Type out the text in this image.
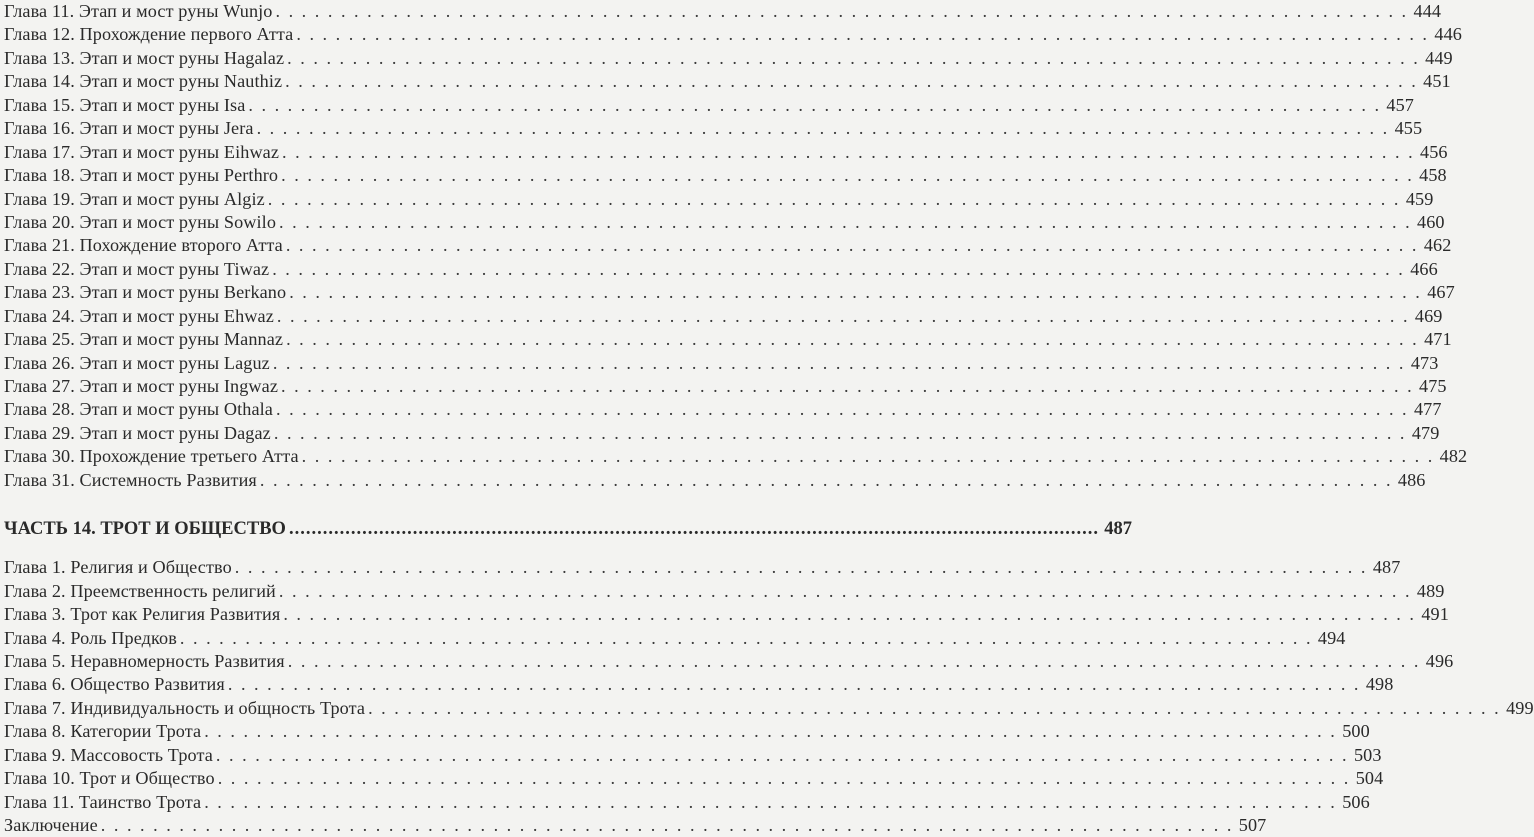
Глава 11. Этап и мост руны Wunjo . . .	444
Глава 12. Прохождение первого Атта . . .	446
Глава 13. Этап и мост руны Hagalaz . . .	449
Глава 14. Этап и мост руны Nauthiz . . .	451
Глава 15. Этап и мост руны Isa . . .	457
Глава 16. Этап и мост руны Jera . . .	455
Глава 17. Этап и мост руны Eihwaz . . .	456
Глава 18. Этап и мост руны Perthro . . .	458
Глава 19. Этап и мост руны Algiz . . .	459
Глава 20. Этап и мост руны Sowilo . . .	460
Глава 21. Похождение второго Атта . . .	462
Глава 22. Этап и мост руны Tiwaz . . .	466
Глава 23. Этап и мост руны Berkano . . .	467
Глава 24. Этап и мост руны Ehwaz . . .	469
Глава 25. Этап и мост руны Mannaz . . .	471
Глава 26. Этап и мост руны Laguz . . .	473
Глава 27. Этап и мост руны Ingwaz . . .	475
Глава 28. Этап и мост руны Othala . . .	477
Глава 29. Этап и мост руны Dagaz . . .	479
Глава 30. Прохождение третьего Атта . . .	482
Глава 31. Системность Развития . . .	486
ЧАСТЬ 14. ТРОТ И ОБЩЕСТВО .....	487
Глава 1. Религия и Общество . . .	487
Глава 2. Преемственность религий . . .	489
Глава 3. Трот как Религия Развития . . .	491
Глава 4. Роль Предков . . .	494
Глава 5. Неравномерность Развития . . .	496
Глава 6. Общество Развития . . .	498
Глава 7. Индивидуальность и общность Трота . . .	499
Глава 8. Категории Трота . . .	500
Глава 9. Массовость Трота . . .	503
Глава 10. Трот и Общество . . .	504
Глава 11. Таинство Трота . . .	506
Заключение . . .	507
